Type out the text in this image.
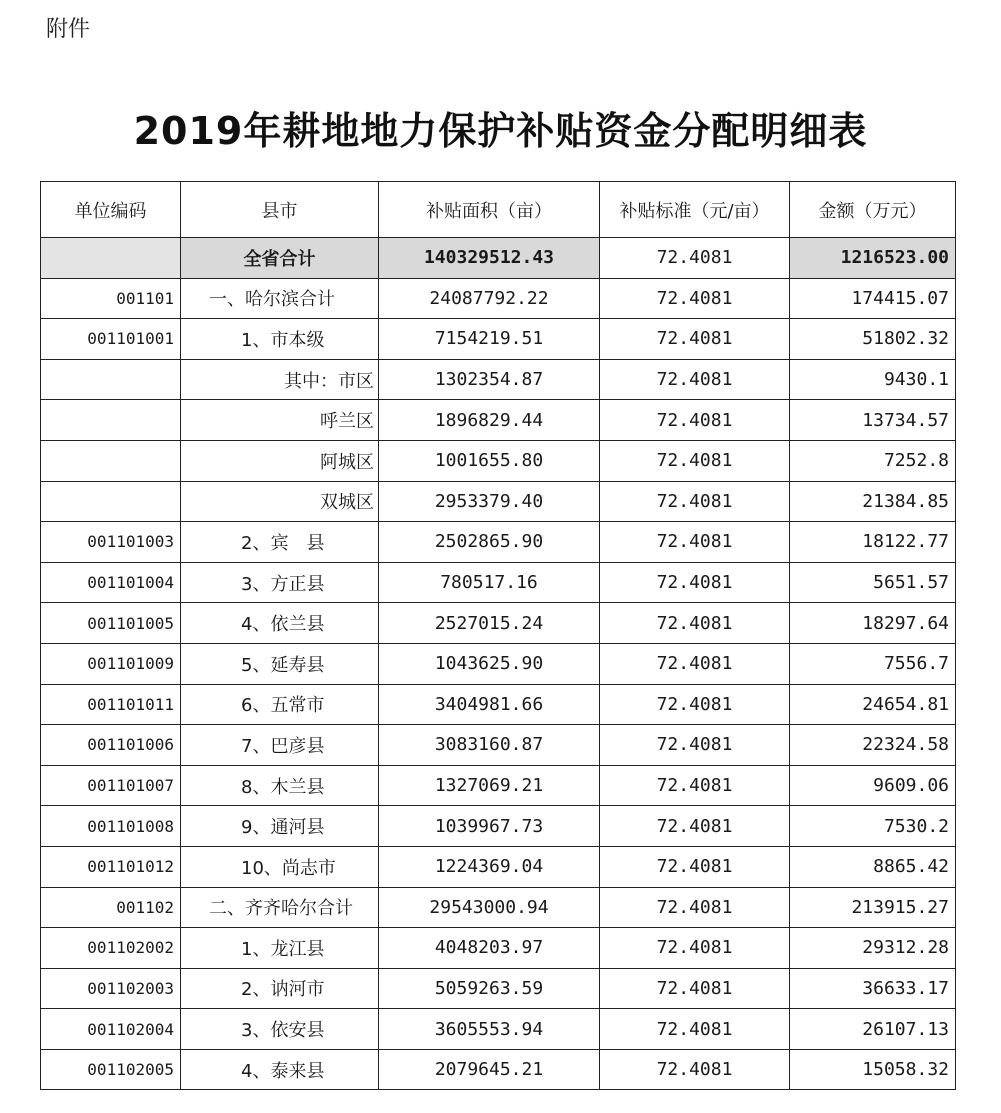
附件
2019年耕地地力保护补贴资金分配明细表
单位编码	县市	补贴面积（亩）	补贴标准（元/亩）	金额（万元）
	全省合计	140329512.43	72.4081	1216523.00
001101	一、哈尔滨合计	24087792.22	72.4081	174415.07
001101001	1、市本级	7154219.51	72.4081	51802.32
	其中：市区	1302354.87	72.4081	9430.1
	呼兰区	1896829.44	72.4081	13734.57
	阿城区	1001655.80	72.4081	7252.8
	双城区	2953379.40	72.4081	21384.85
001101003	2、宾　县	2502865.90	72.4081	18122.77
001101004	3、方正县	780517.16	72.4081	5651.57
001101005	4、依兰县	2527015.24	72.4081	18297.64
001101009	5、延寿县	1043625.90	72.4081	7556.7
001101011	6、五常市	3404981.66	72.4081	24654.81
001101006	7、巴彦县	3083160.87	72.4081	22324.58
001101007	8、木兰县	1327069.21	72.4081	9609.06
001101008	9、通河县	1039967.73	72.4081	7530.2
001101012	10、尚志市	1224369.04	72.4081	8865.42
001102	二、齐齐哈尔合计	29543000.94	72.4081	213915.27
001102002	1、龙江县	4048203.97	72.4081	29312.28
001102003	2、讷河市	5059263.59	72.4081	36633.17
001102004	3、依安县	3605553.94	72.4081	26107.13
001102005	4、泰来县	2079645.21	72.4081	15058.32
